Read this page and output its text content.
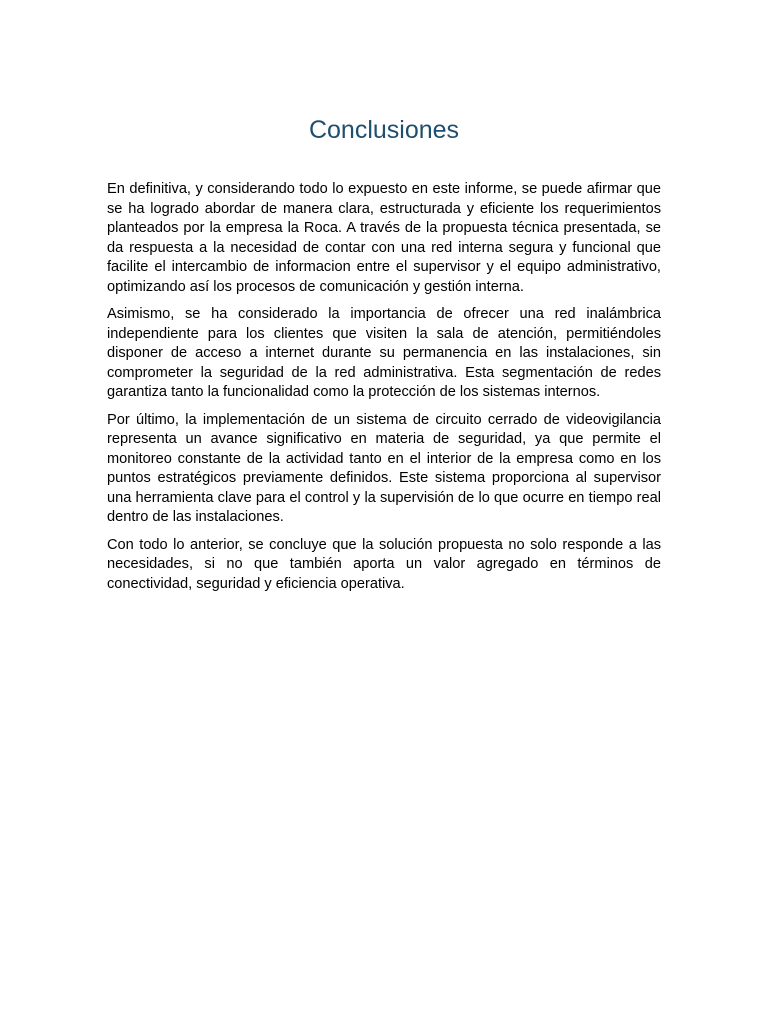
Conclusiones

En definitiva, y considerando todo lo expuesto en este informe, se puede afirmar que se ha logrado abordar de manera clara, estructurada y eficiente los requerimientos planteados por la empresa la Roca. A través de la propuesta técnica presentada, se da respuesta a la necesidad de contar con una red interna segura y funcional que facilite el intercambio de informacion entre el supervisor y el equipo administrativo, optimizando así los procesos de comunicación y gestión interna.

Asimismo, se ha considerado la importancia de ofrecer una red inalámbrica independiente para los clientes que visiten la sala de atención, permitiéndoles disponer de acceso a internet durante su permanencia en las instalaciones, sin comprometer la seguridad de la red administrativa. Esta segmentación de redes garantiza tanto la funcionalidad como la protección de los sistemas internos.

Por último, la implementación de un sistema de circuito cerrado de videovigilancia representa un avance significativo en materia de seguridad, ya que permite el monitoreo constante de la actividad tanto en el interior de la empresa como en los puntos estratégicos previamente definidos. Este sistema proporciona al supervisor una herramienta clave para el control y la supervisión de lo que ocurre en tiempo real dentro de las instalaciones.

Con todo lo anterior, se concluye que la solución propuesta no solo responde a las necesidades, si no que también aporta un valor agregado en términos de conectividad, seguridad y eficiencia operativa.
